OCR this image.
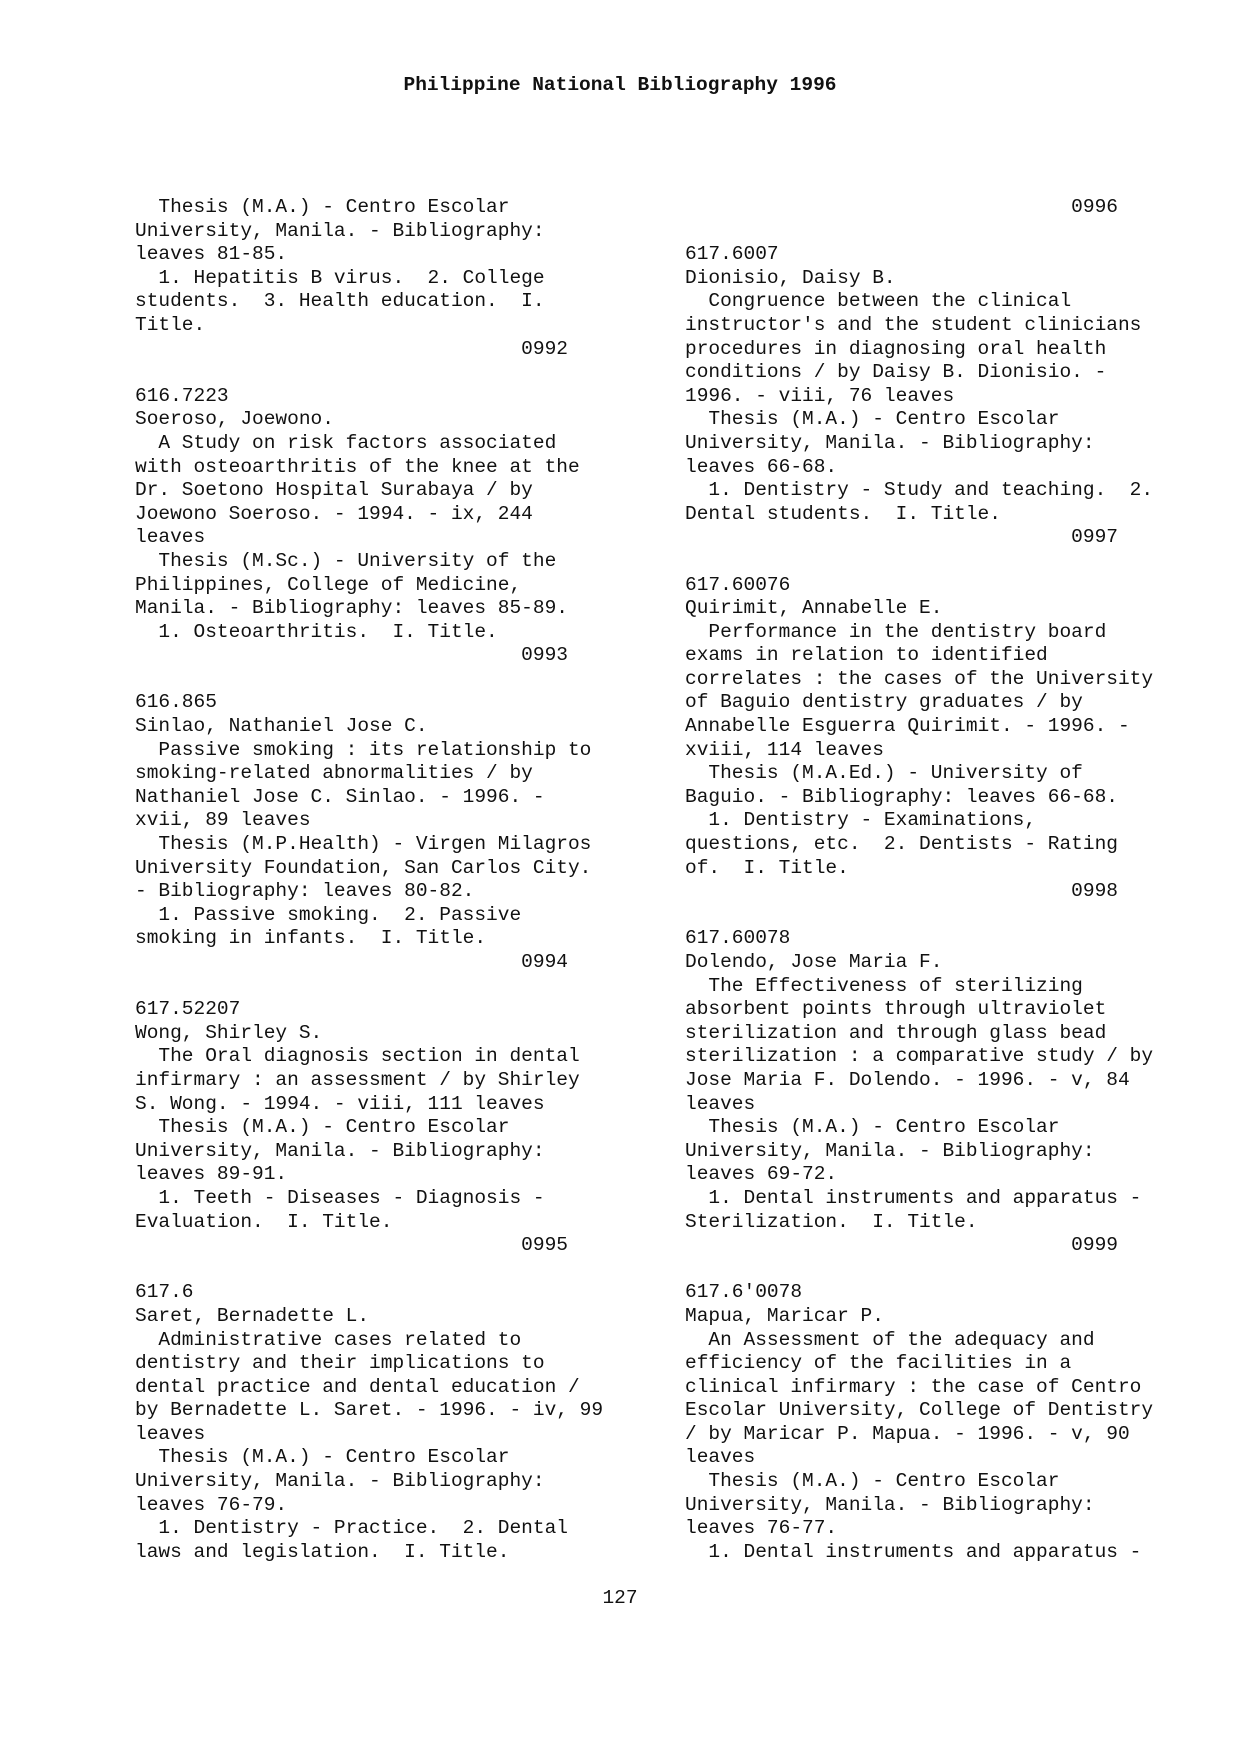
Philippine National Bibliography 1996
Thesis (M.A.) - Centro Escolar
University, Manila. - Bibliography:
leaves 81-85.
1. Hepatitis B virus.  2. College
students.  3. Health education.  I.
Title.
0992
616.7223
Soeroso, Joewono.
A Study on risk factors associated
with osteoarthritis of the knee at the
Dr. Soetono Hospital Surabaya / by
Joewono Soeroso. - 1994. - ix, 244
leaves
Thesis (M.Sc.) - University of the
Philippines, College of Medicine,
Manila. - Bibliography: leaves 85-89.
1. Osteoarthritis.  I. Title.
0993
616.865
Sinlao, Nathaniel Jose C.
Passive smoking : its relationship to
smoking-related abnormalities / by
Nathaniel Jose C. Sinlao. - 1996. -
xvii, 89 leaves
Thesis (M.P.Health) - Virgen Milagros
University Foundation, San Carlos City.
- Bibliography: leaves 80-82.
1. Passive smoking.  2. Passive
smoking in infants.  I. Title.
0994
617.52207
Wong, Shirley S.
The Oral diagnosis section in dental
infirmary : an assessment / by Shirley
S. Wong. - 1994. - viii, 111 leaves
Thesis (M.A.) - Centro Escolar
University, Manila. - Bibliography:
leaves 89-91.
1. Teeth - Diseases - Diagnosis -
Evaluation.  I. Title.
0995
617.6
Saret, Bernadette L.
Administrative cases related to
dentistry and their implications to
dental practice and dental education /
by Bernadette L. Saret. - 1996. - iv, 99
leaves
Thesis (M.A.) - Centro Escolar
University, Manila. - Bibliography:
leaves 76-79.
1. Dentistry - Practice.  2. Dental
laws and legislation.  I. Title.
0996
617.6007
Dionisio, Daisy B.
Congruence between the clinical
instructor's and the student clinicians
procedures in diagnosing oral health
conditions / by Daisy B. Dionisio. -
1996. - viii, 76 leaves
Thesis (M.A.) - Centro Escolar
University, Manila. - Bibliography:
leaves 66-68.
1. Dentistry - Study and teaching.  2.
Dental students.  I. Title.
0997
617.60076
Quirimit, Annabelle E.
Performance in the dentistry board
exams in relation to identified
correlates : the cases of the University
of Baguio dentistry graduates / by
Annabelle Esguerra Quirimit. - 1996. -
xviii, 114 leaves
Thesis (M.A.Ed.) - University of
Baguio. - Bibliography: leaves 66-68.
1. Dentistry - Examinations,
questions, etc.  2. Dentists - Rating
of.  I. Title.
0998
617.60078
Dolendo, Jose Maria F.
The Effectiveness of sterilizing
absorbent points through ultraviolet
sterilization and through glass bead
sterilization : a comparative study / by
Jose Maria F. Dolendo. - 1996. - v, 84
leaves
Thesis (M.A.) - Centro Escolar
University, Manila. - Bibliography:
leaves 69-72.
1. Dental instruments and apparatus -
Sterilization.  I. Title.
0999
617.6'0078
Mapua, Maricar P.
An Assessment of the adequacy and
efficiency of the facilities in a
clinical infirmary : the case of Centro
Escolar University, College of Dentistry
/ by Maricar P. Mapua. - 1996. - v, 90
leaves
Thesis (M.A.) - Centro Escolar
University, Manila. - Bibliography:
leaves 76-77.
1. Dental instruments and apparatus -
127
